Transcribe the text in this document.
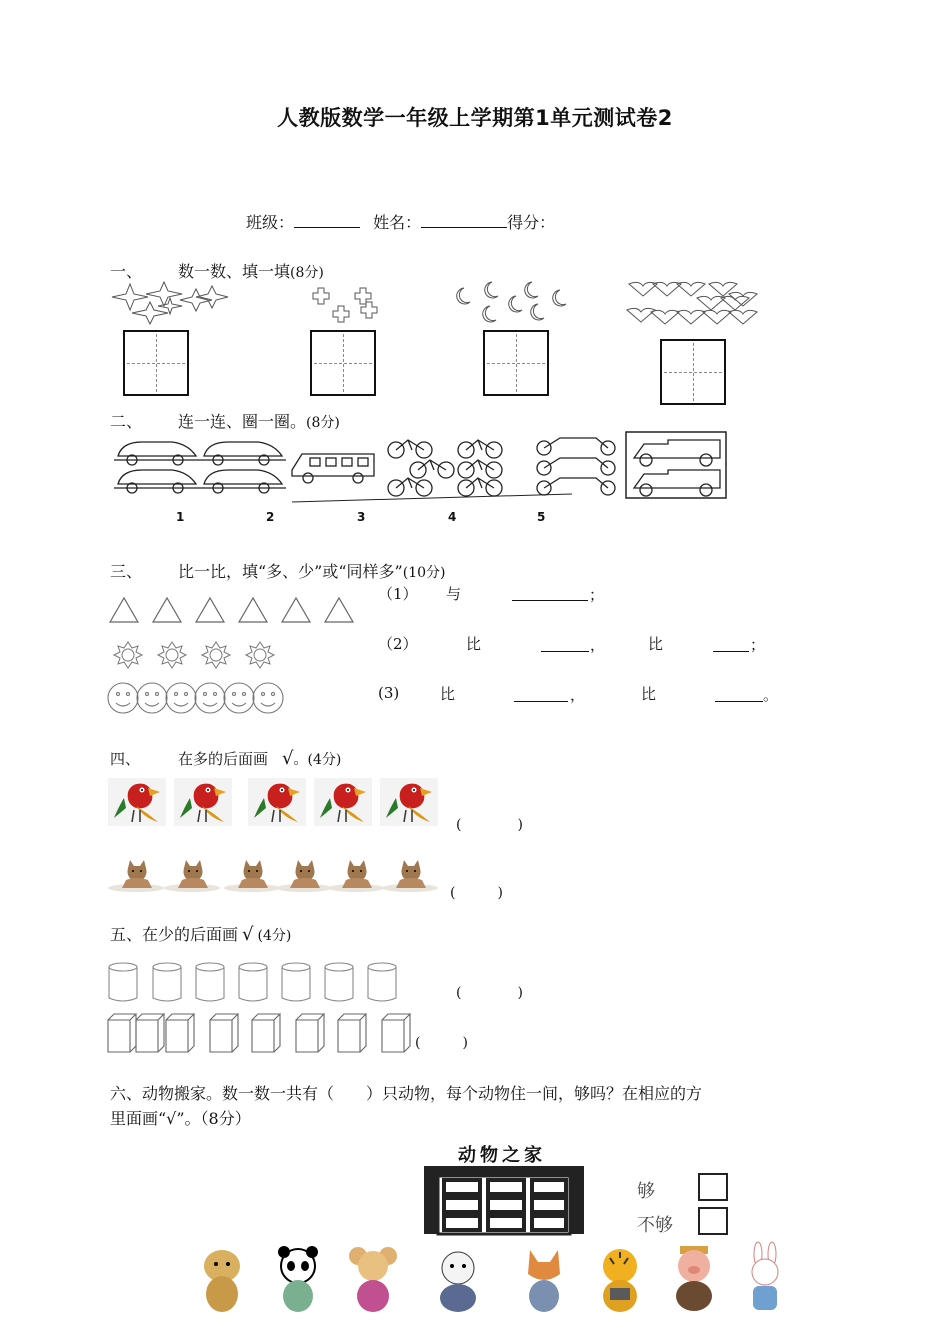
人教版数学一年级上学期第1单元测试卷2
班级：	姓名：	得分：
一、 数一数、填一填(8分)
二、 连一连、圈一圈。(8分)
1	2	3	4	5
三、 比一比，填“多、少”或“同样多”(10分)
（1） 与	；
（2）	比	，	比	；
(3)	比	，	比	。
四、	在多的后面画 √。(4分)
(　　　　)
(　　　)
五、在少的后面画 √ (4分)
(　　　　)
(　　　)
六、动物搬家。数一数一共有（　　）只动物，每个动物住一间，够吗？在相应的方
里面画“√”。（8分）
动物之家
够
不够
